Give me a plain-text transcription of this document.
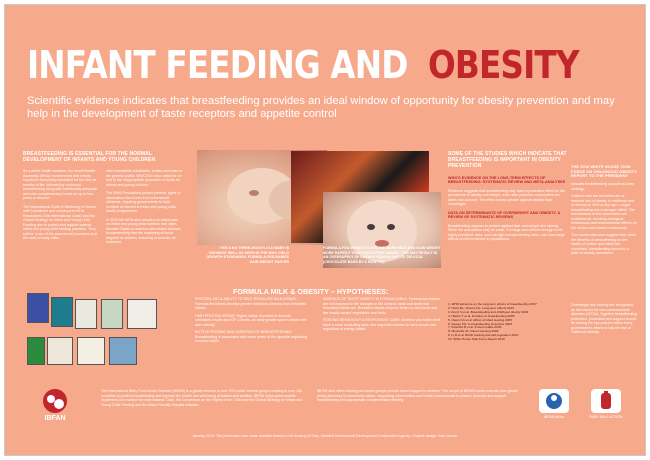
INFANT FEEDING AND OBESITY
Scientific evidence indicates that breastfeeding provides an ideal window of opportunity for obesity prevention and may help in the development of taste receptors and appetite control
BREASTFEEDING IS ESSENTIAL FOR THE NORMAL DEVELOPMENT OF INFANTS AND YOUNG CHILDREN

As a public health measure, the World Health Assembly (WHA) recommends that infants should be exclusively breastfed for the first six months of life, followed by continued breastfeeding along with nutritionally adequate and safe complementary foods for up to two years or beyond.

The International Code of Marketing of Breast-milk Substitutes and subsequent WHA Resolutions (The International Code) and the Global Strategy for Infant and Young Child Feeding aim to protect and support optimal infant and young child feeding practices. They call for a ban of the commercial promotion (not the sale) of baby-milks,

other breastmilk substitutes, bottles and teats to the general public. WHA 2010 also called for an end to the inappropriate promotion of foods for infants and young children.

The WHA Resolutions protect parents' rights to information that is free from commercial influence, requiring governments to hold conflicts of interest in infant and young child health programmes.

In 2012 the WHA also adopted an action plan on infant and young child nutrition that urges Member States to address diet-related disease, recommending that the marketing of foods targeted at children, including in schools, be restricted.

THIS 8 KG THREE-MONTH-OLD BABY IS GROWING WELL AS SEEN IN THE WHO CHILD GROWTH STANDARDS. FORMULA-FED BABIES GAIN WEIGHT FASTER
FORMULA-FED INFANTS CONSUME MORE MILK AND GAIN WEIGHT MORE RAPIDLY THAN BREASTFED BABIES. THIS MAY RESULT IN AN OVERSUPPLY OF ENERGY EQUIVALENT TO 700 KCAL (CHOCOLATE BARS BY 6 MONTHS)
SOME OF THE STUDIES WHICH INDICATE THAT BREASTFEEDING IS IMPORTANT IN OBESITY PREVENTION

WHO'S EVIDENCE ON THE LONG-TERM EFFECTS OF BREASTFEEDING: SYSTEMATIC REVIEW AND META-ANALYSES

Evidence suggests that breastfeeding may have a protective effect on the prevalence of obesity overweight, even after potential confounders are taken into account. The effect seems greater against obesity than overweight.

DATA ON DETERMINANTS OF OVERWEIGHT AND OBESITY. A REVIEW OF SYSTEMATIC REVIEWS

Breastfeeding appears to protect against later overweight and obesity. While the association may be weak, it is large and uniform enough to be highly prevalent: data, such as high formula feeding rates, can have large effects on the incidence in populations.

THE 2010 WHITE HOUSE TASK FORCE ON CHILDHOOD OBESITY REPORT TO THE PRESIDENT

includes breastfeeding support as a key strategy.

Children who are breastfed are at reduced risk of obesity in childhood and of obesity by 20% at any age. Longer breastfeeding has a stronger effect. The mechanisms of this association are multifactorial, involving biological, behavioural and environmental effects on the mother and infant's relationship.

The current data also suggest that, when the benefits of breastfeeding on the health of mother and infant are combined, breastfeeding becomes a pillar of obesity prevention.

FORMULA MILK & OBESITY – HYPOTHESES:

PROTEIN, FAT & ABILITY TO SELF-REGULATE MILK INTAKE: Formula-fed infants develop greater metabolic demand than breastfed infants.

HIGH PROTEIN INTAKE: Higher intake of protein in formula stimulates insulin and IGF-1 levels, an early growth spurt is linked with later obesity.

BOTTLE FEEDING AND DURATION OF BREASTFEEDING: Breastfeeding is associated with lower levels of the appetite-regulating hormone leptin.

ABSENCE OF TASTE VARIETY IN FORMULA MILK: Formula-fed infants are not exposed to the changes in the content, taste and smell that breastfed infants are. Breastfed infants respond better to new foods and are readily accept vegetables and fruits.

FEEDING BEHAVIOUR & RESPONSIVE CARE: Mothers who bottle-feed have a more controlling style that may lead children to have poorer self-regulation of energy intake.

1. WHO Evidence on the long-term effects of breastfeeding 2007
2. Horta BL, Victora CG. Long-term effects 2013
3. Arenz S et al. Breastfeeding and childhood obesity 2004
4. Harder T et al. Duration of breastfeeding 2005
5. Owen CG et al. Effect of infant feeding 2005
6. Dewey KG. Is breastfeeding protective 2003
7. Koletzko B et al. Protein intake 2009
8. Mennella JA. Flavor learning 2009
9. Li R et al. Bottle feeding and self-regulation 2010
10. White House Task Force Report 2010
Overweight and obesity are recognised as risk factors for non-communicable diseases (NCDs). Together breastfeeding protection, promotion and support should be among the key policies within every government's efforts to halt the rise of childhood obesity.
IBFAN
The International Baby Food Action Network (IBFAN) is a global network of over 200 public interest groups working in over 160 countries to protect breastfeeding and improve the health and well-being of babies and families. IBFAN helps governments implement and monitor the International Code, the Convention on the Rights of the Child and the Global Strategy for Infant and Young Child Feeding and the Baby Friendly Hospital Initiative.
IBFAN also offers training and some groups provide direct support to mothers. The scope of IBFAN's work extends from global policy advocacy to community action, supporting communities and health professionals to protect, promote and support breastfeeding and appropriate complementary feeding.
January 2014. The publication was made possible thanks to the funding of Sida, Swedish International Development Cooperation Agency. Graphic design: Ivan Garcia.
IBFAN Africa	BABY MILK ACTION
